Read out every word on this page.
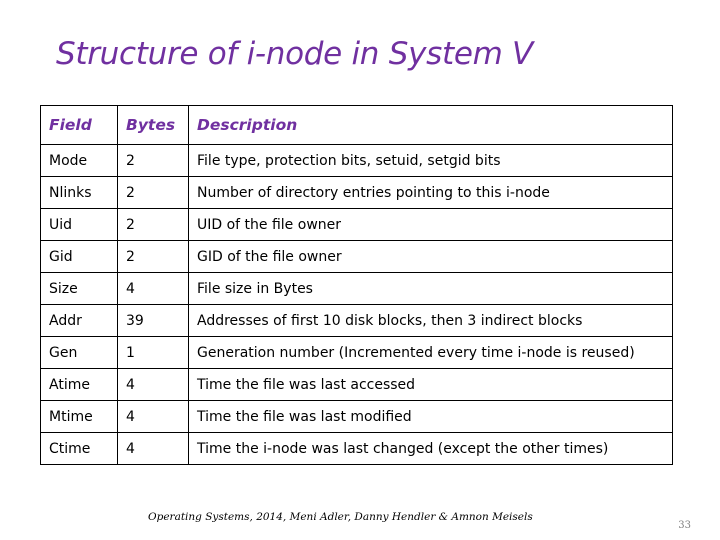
Structure of i-node in System V
Field	Bytes	Description
Mode	2	File type, protection bits, setuid, setgid bits
Nlinks	2	Number of directory entries pointing to this i-node
Uid	2	UID of the file owner
Gid	2	GID of the file owner
Size	4	File size in Bytes
Addr	39	Addresses of first 10 disk blocks, then 3 indirect blocks
Gen	1	Generation number (Incremented every time i-node is reused)
Atime	4	Time the file was last accessed
Mtime	4	Time the file was last modified
Ctime	4	Time the i-node was last changed (except the other times)
Operating Systems, 2014, Meni Adler, Danny Hendler & Amnon Meisels
33
